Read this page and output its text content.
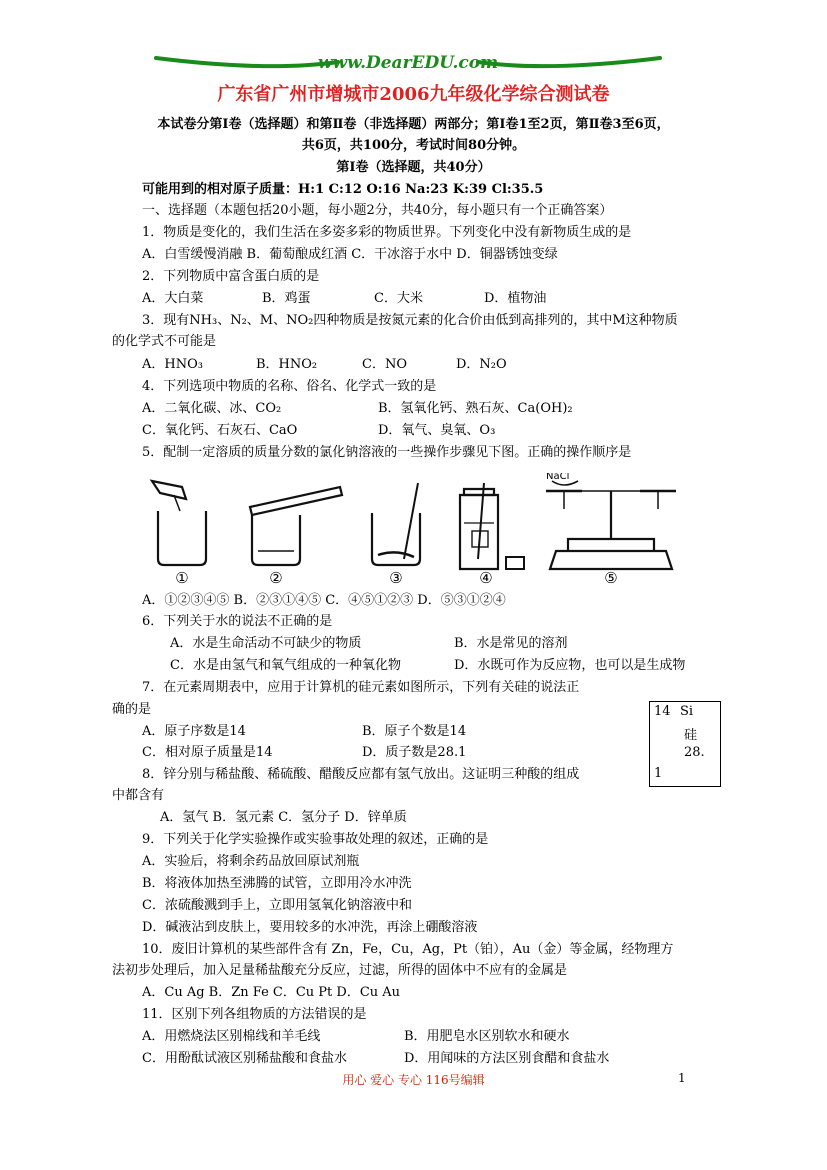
www.DearEDU.com
广东省广州市增城市2006九年级化学综合测试卷
本试卷分第Ⅰ卷（选择题）和第Ⅱ卷（非选择题）两部分；第Ⅰ卷1至2页，第Ⅱ卷3至6页，
共6页，共100分，考试时间80分钟。
第Ⅰ卷（选择题，共40分）
可能用到的相对原子质量：H:1 C:12 O:16 Na:23 K:39 Cl:35.5
一、选择题（本题包括20小题，每小题2分，共40分，每小题只有一个正确答案）
1．物质是变化的，我们生活在多姿多彩的物质世界。下列变化中没有新物质生成的是
A．白雪缓慢消融 B．葡萄酿成红酒 C．干冰溶于水中 D．铜器锈蚀变绿
2．下列物质中富含蛋白质的是
A．大白菜	B．鸡蛋	C．大米	D．植物油
3．现有NH₃、N₂、M、NO₂四种物质是按氮元素的化合价由低到高排列的，其中M这种物质
的化学式不可能是
A．HNO₃	B．HNO₂	C．NO	D．N₂O
4．下列选项中物质的名称、俗名、化学式一致的是
A．二氧化碳、冰、CO₂	B．氢氧化钙、熟石灰、Ca(OH)₂
C．氧化钙、石灰石、CaO	D．氧气、臭氧、O₃
5．配制一定溶质的质量分数的氯化钠溶液的一些操作步骤见下图。正确的操作顺序是
NaCl
①	②	③	④	⑤
A．①②③④⑤ B．②③①④⑤ C．④⑤①②③ D．⑤③①②④
6．下列关于水的说法不正确的是
A．水是生命活动不可缺少的物质	B．水是常见的溶剂
C．水是由氢气和氧气组成的一种氧化物	D．水既可作为反应物，也可以是生成物
7．在元素周期表中，应用于计算机的硅元素如图所示，下列有关硅的说法正
确的是
A．原子序数是14	B．原子个数是14
C．相对原子质量是14	D．质子数是28.1
14 Si
硅
28.
1
8．锌分别与稀盐酸、稀硫酸、醋酸反应都有氢气放出。这证明三种酸的组成
中都含有
A．氢气 B．氢元素 C．氢分子 D．锌单质
9．下列关于化学实验操作或实验事故处理的叙述，正确的是
A．实验后，将剩余药品放回原试剂瓶
B．将液体加热至沸腾的试管，立即用冷水冲洗
C．浓硫酸溅到手上，立即用氢氧化钠溶液中和
D．碱液沾到皮肤上，要用较多的水冲洗，再涂上硼酸溶液
10．废旧计算机的某些部件含有 Zn，Fe，Cu，Ag，Pt（铂），Au（金）等金属，经物理方
法初步处理后，加入足量稀盐酸充分反应，过滤，所得的固体中不应有的金属是
A．Cu Ag B．Zn Fe C．Cu Pt D．Cu Au
11．区别下列各组物质的方法错误的是
A．用燃烧法区别棉线和羊毛线	B．用肥皂水区别软水和硬水
C．用酚酞试液区别稀盐酸和食盐水	D．用闻味的方法区别食醋和食盐水
用心 爱心 专心 116号编辑	1
